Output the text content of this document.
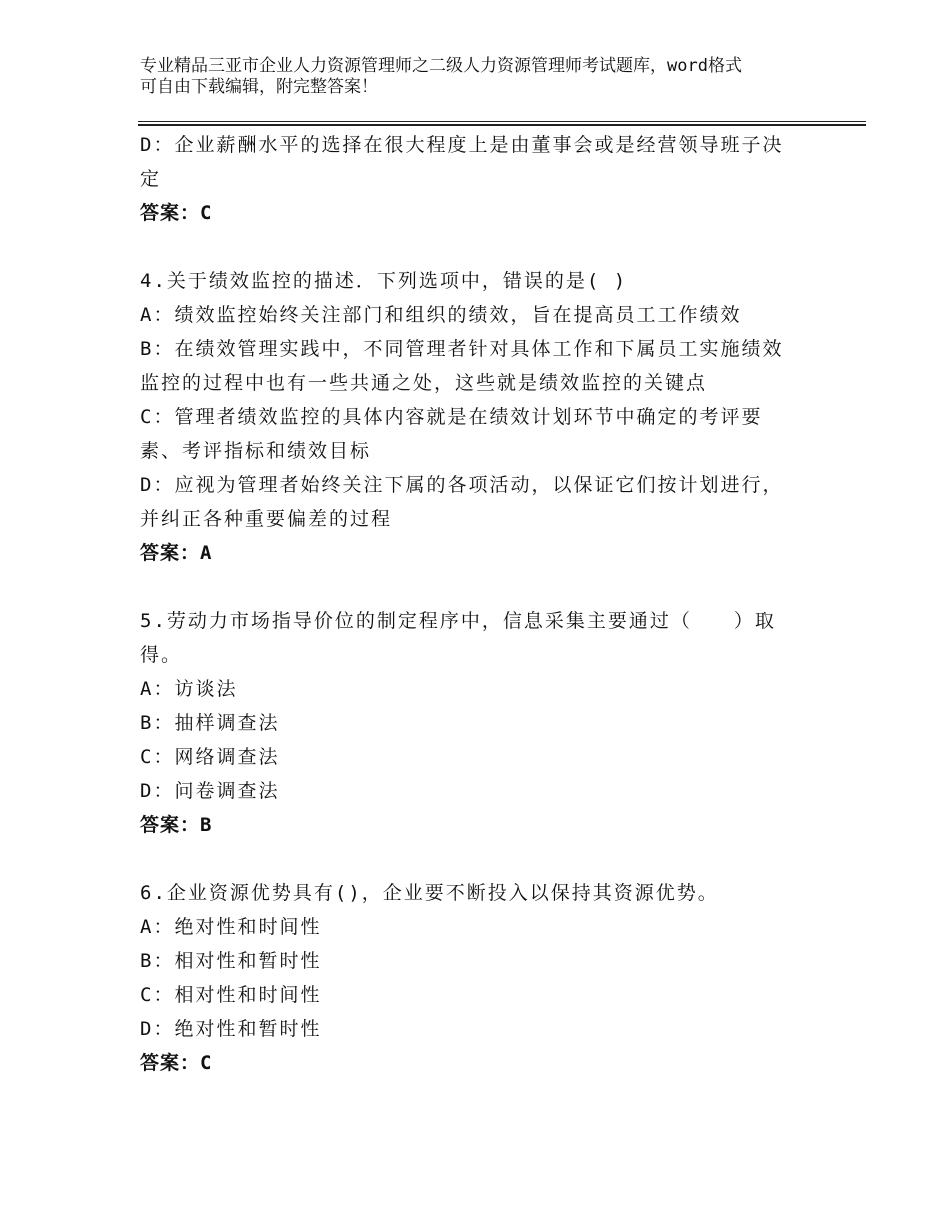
专业精品三亚市企业人力资源管理师之二级人力资源管理师考试题库，word格式
可自由下载编辑，附完整答案！
D：企业薪酬水平的选择在很大程度上是由董事会或是经营领导班子决
定
答案：C
4.关于绩效监控的描述．下列选项中，错误的是( )
A：绩效监控始终关注部门和组织的绩效，旨在提高员工工作绩效
B：在绩效管理实践中，不同管理者针对具体工作和下属员工实施绩效
监控的过程中也有一些共通之处，这些就是绩效监控的关键点
C：管理者绩效监控的具体内容就是在绩效计划环节中确定的考评要
素、考评指标和绩效目标
D：应视为管理者始终关注下属的各项活动，以保证它们按计划进行，
并纠正各种重要偏差的过程
答案：A
5.劳动力市场指导价位的制定程序中，信息采集主要通过（　　）取
得。
A：访谈法
B：抽样调查法
C：网络调查法
D：问卷调查法
答案：B
6.企业资源优势具有()，企业要不断投入以保持其资源优势。
A：绝对性和时间性
B：相对性和暂时性
C：相对性和时间性
D：绝对性和暂时性
答案：C
